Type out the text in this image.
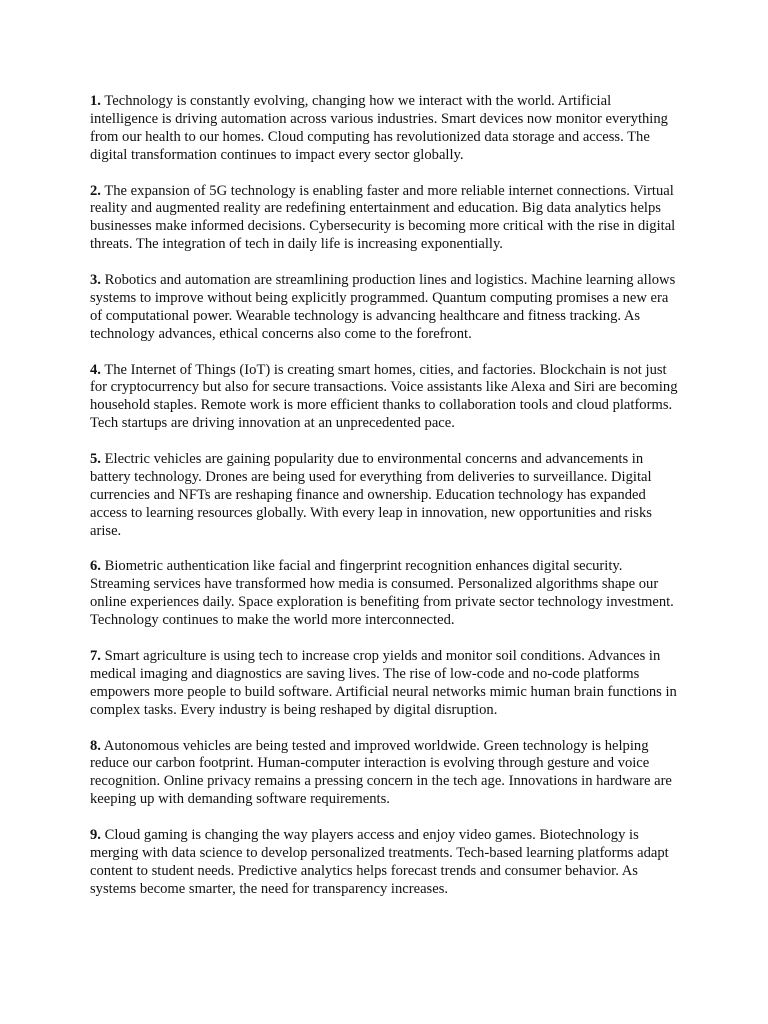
1. Technology is constantly evolving, changing how we interact with the world. Artificial intelligence is driving automation across various industries. Smart devices now monitor everything from our health to our homes. Cloud computing has revolutionized data storage and access. The digital transformation continues to impact every sector globally.

2. The expansion of 5G technology is enabling faster and more reliable internet connections. Virtual reality and augmented reality are redefining entertainment and education. Big data analytics helps businesses make informed decisions. Cybersecurity is becoming more critical with the rise in digital threats. The integration of tech in daily life is increasing exponentially.

3. Robotics and automation are streamlining production lines and logistics. Machine learning allows systems to improve without being explicitly programmed. Quantum computing promises a new era of computational power. Wearable technology is advancing healthcare and fitness tracking. As technology advances, ethical concerns also come to the forefront.

4. The Internet of Things (IoT) is creating smart homes, cities, and factories. Blockchain is not just for cryptocurrency but also for secure transactions. Voice assistants like Alexa and Siri are becoming household staples. Remote work is more efficient thanks to collaboration tools and cloud platforms. Tech startups are driving innovation at an unprecedented pace.

5. Electric vehicles are gaining popularity due to environmental concerns and advancements in battery technology. Drones are being used for everything from deliveries to surveillance. Digital currencies and NFTs are reshaping finance and ownership. Education technology has expanded access to learning resources globally. With every leap in innovation, new opportunities and risks arise.

6. Biometric authentication like facial and fingerprint recognition enhances digital security. Streaming services have transformed how media is consumed. Personalized algorithms shape our online experiences daily. Space exploration is benefiting from private sector technology investment. Technology continues to make the world more interconnected.

7. Smart agriculture is using tech to increase crop yields and monitor soil conditions. Advances in medical imaging and diagnostics are saving lives. The rise of low-code and no-code platforms empowers more people to build software. Artificial neural networks mimic human brain functions in complex tasks. Every industry is being reshaped by digital disruption.

8. Autonomous vehicles are being tested and improved worldwide. Green technology is helping reduce our carbon footprint. Human-computer interaction is evolving through gesture and voice recognition. Online privacy remains a pressing concern in the tech age. Innovations in hardware are keeping up with demanding software requirements.

9. Cloud gaming is changing the way players access and enjoy video games. Biotechnology is merging with data science to develop personalized treatments. Tech-based learning platforms adapt content to student needs. Predictive analytics helps forecast trends and consumer behavior. As systems become smarter, the need for transparency increases.
